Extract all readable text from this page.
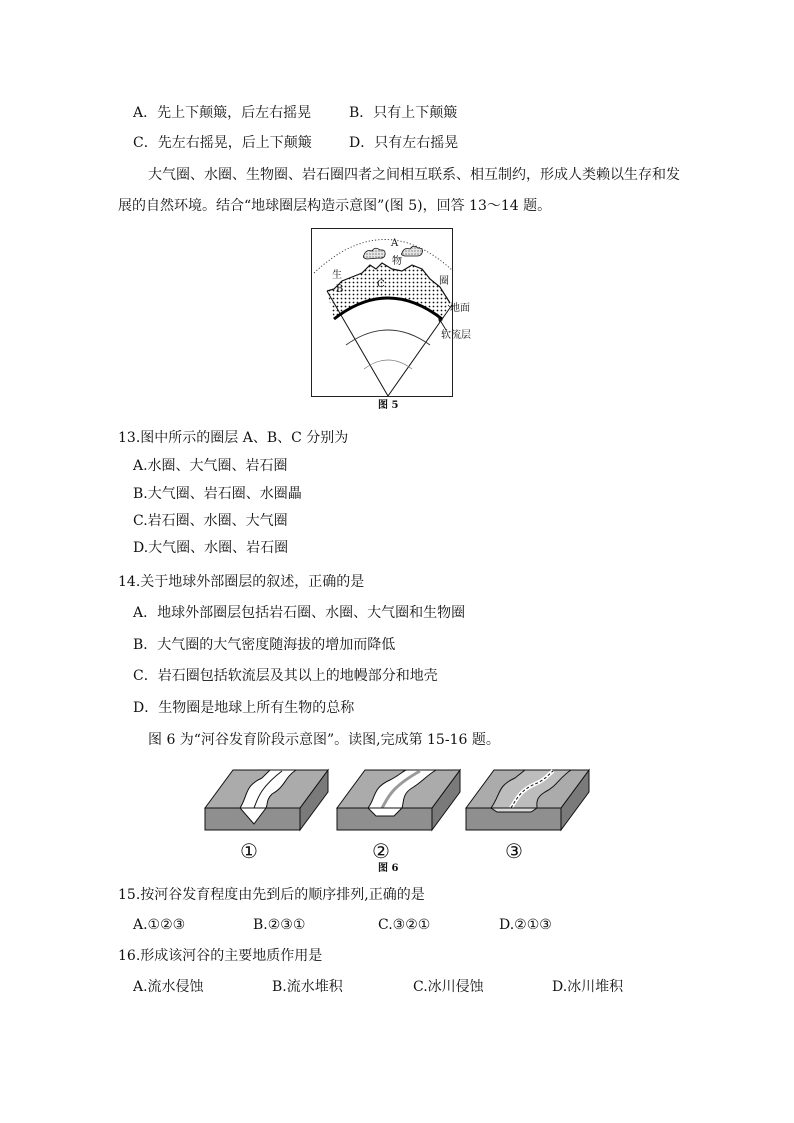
A．先上下颠簸，后左右摇晃	B．只有上下颠簸
C．先左右摇晃，后上下颠簸	D．只有左右摇晃
大气圈、水圈、生物圈、岩石圈四者之间相互联系、相互制约，形成人类赖以生存和发
展的自然环境。结合“地球圈层构造示意图”(图 5)，回答 13～14 题。
A
物
生
B
圈
C
地面
软流层
图 5
13.图中所示的圈层 A、B、C 分别为
A.水圈、大气圈、岩石圈
B.大气圈、岩石圈、水圈畾
C.岩石圈、水圈、大气圈
D.大气圈、水圈、岩石圈
14.关于地球外部圈层的叙述，正确的是
A．地球外部圈层包括岩石圈、水圈、大气圈和生物圈
B．大气圈的大气密度随海拔的增加而降低
C．岩石圈包括软流层及其以上的地幔部分和地壳
D．生物圈是地球上所有生物的总称
图 6 为“河谷发育阶段示意图”。读图,完成第 15-16 题。
①	②	③
图 6
15.按河谷发育程度由先到后的顺序排列,正确的是
A.①②③	B.②③①	C.③②①	D.②①③
16.形成该河谷的主要地质作用是
A.流水侵蚀	B.流水堆积	C.冰川侵蚀	D.冰川堆积
